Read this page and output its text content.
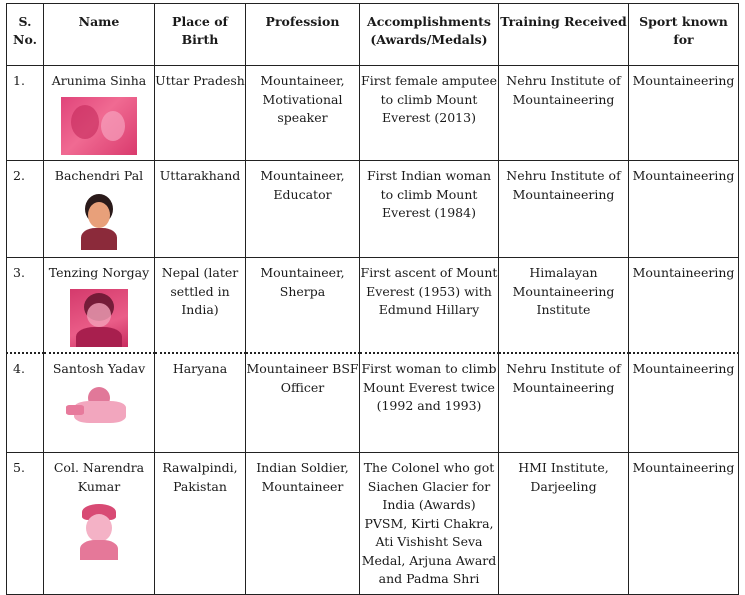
S. No.	Name	Place of Birth	Profession	Accomplishments (Awards/Medals)	Training Received	Sport known for
1.	Arunima Sinha	Uttar Pradesh	Mountaineer, Motivational speaker	First female amputee to climb Mount Everest (2013)	Nehru Institute of Mountaineering	Mountaineering
2.	Bachendri Pal	Uttarakhand	Mountaineer, Educator	First Indian woman to climb Mount Everest (1984)	Nehru Institute of Mountaineering	Mountaineering
3.	Tenzing Norgay	Nepal (later settled in India)	Mountaineer, Sherpa	First ascent of Mount Everest (1953) with Edmund Hillary	Himalayan Mountaineering Institute	Mountaineering
4.	Santosh Yadav	Haryana	Mountaineer BSF Officer	First woman to climb Mount Everest twice (1992 and 1993)	Nehru Institute of Mountaineering	Mountaineering
5.	Col. Narendra Kumar	Rawalpindi, Pakistan	Indian Soldier, Mountaineer	The Colonel who got Siachen Glacier for India (Awards) PVSM, Kirti Chakra, Ati Vishisht Seva Medal, Arjuna Award and Padma Shri	HMI Institute, Darjeeling	Mountaineering
